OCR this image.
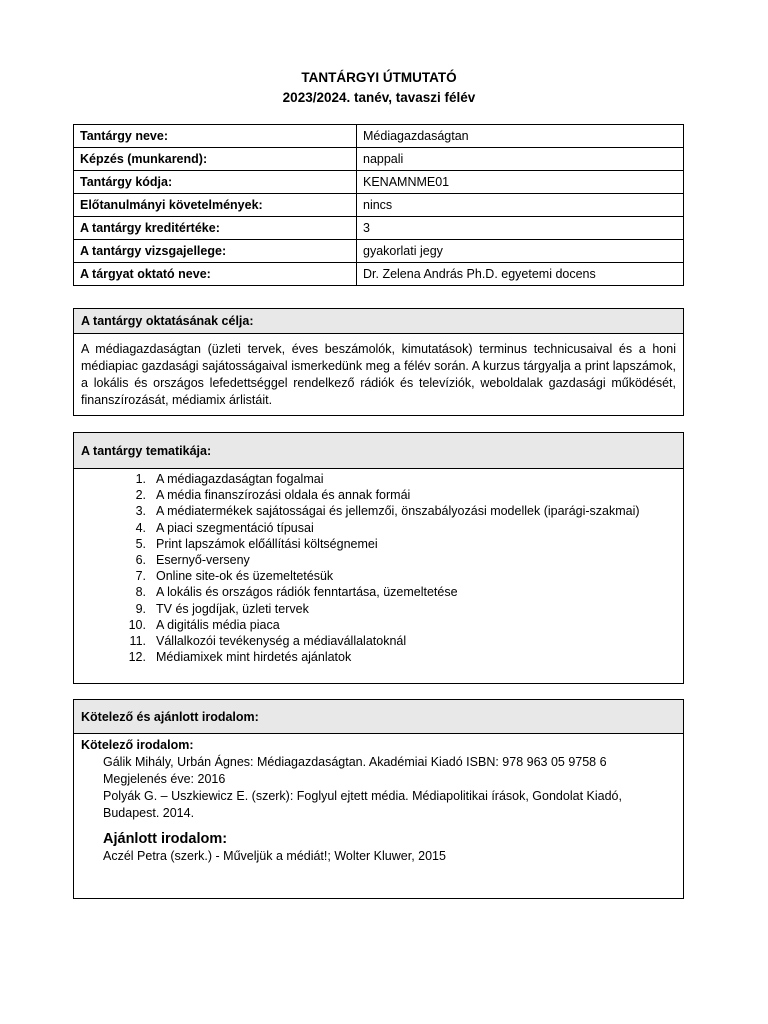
TANTÁRGYI ÚTMUTATÓ
2023/2024. tanév, tavaszi félév
Tantárgy neve:	Médiagazdaságtan
Képzés (munkarend):	nappali
Tantárgy kódja:	KENAMNME01
Előtanulmányi követelmények:	nincs
A tantárgy kreditértéke:	3
A tantárgy vizsgajellege:	gyakorlati jegy
A tárgyat oktató neve:	Dr. Zelena András Ph.D. egyetemi docens
A tantárgy oktatásának célja:
A médiagazdaságtan (üzleti tervek, éves beszámolók, kimutatások) terminus technicusaival és a honi médiapiac gazdasági sajátosságaival ismerkedünk meg a félév során. A kurzus tárgyalja a print lapszámok, a lokális és országos lefedettséggel rendelkező rádiók és televíziók, weboldalak gazdasági működését, finanszírozását, médiamix árlistáit.
A tantárgy tematikája:
1. A médiagazdaságtan fogalmai
2. A média finanszírozási oldala és annak formái
3. A médiatermékek sajátosságai és jellemzői, önszabályozási modellek (iparági-szakmai)
4. A piaci szegmentáció típusai
5. Print lapszámok előállítási költségnemei
6. Esernyő-verseny
7. Online site-ok és üzemeltetésük
8. A lokális és országos rádiók fenntartása, üzemeltetése
9. TV és jogdíjak, üzleti tervek
10. A digitális média piaca
11. Vállalkozói tevékenység a médiavállalatoknál
12. Médiamixek mint hirdetés ajánlatok
Kötelező és ajánlott irodalom:
Kötelező irodalom:
Gálik Mihály, Urbán Ágnes: Médiagazdaságtan. Akadémiai Kiadó ISBN: 978 963 05 9758 6
Megjelenés éve: 2016
Polyák G. – Uszkiewicz E. (szerk): Foglyul ejtett média. Médiapolitikai írások, Gondolat Kiadó, Budapest. 2014.
Ajánlott irodalom:
Aczél Petra (szerk.) - Műveljük a médiát!; Wolter Kluwer, 2015
